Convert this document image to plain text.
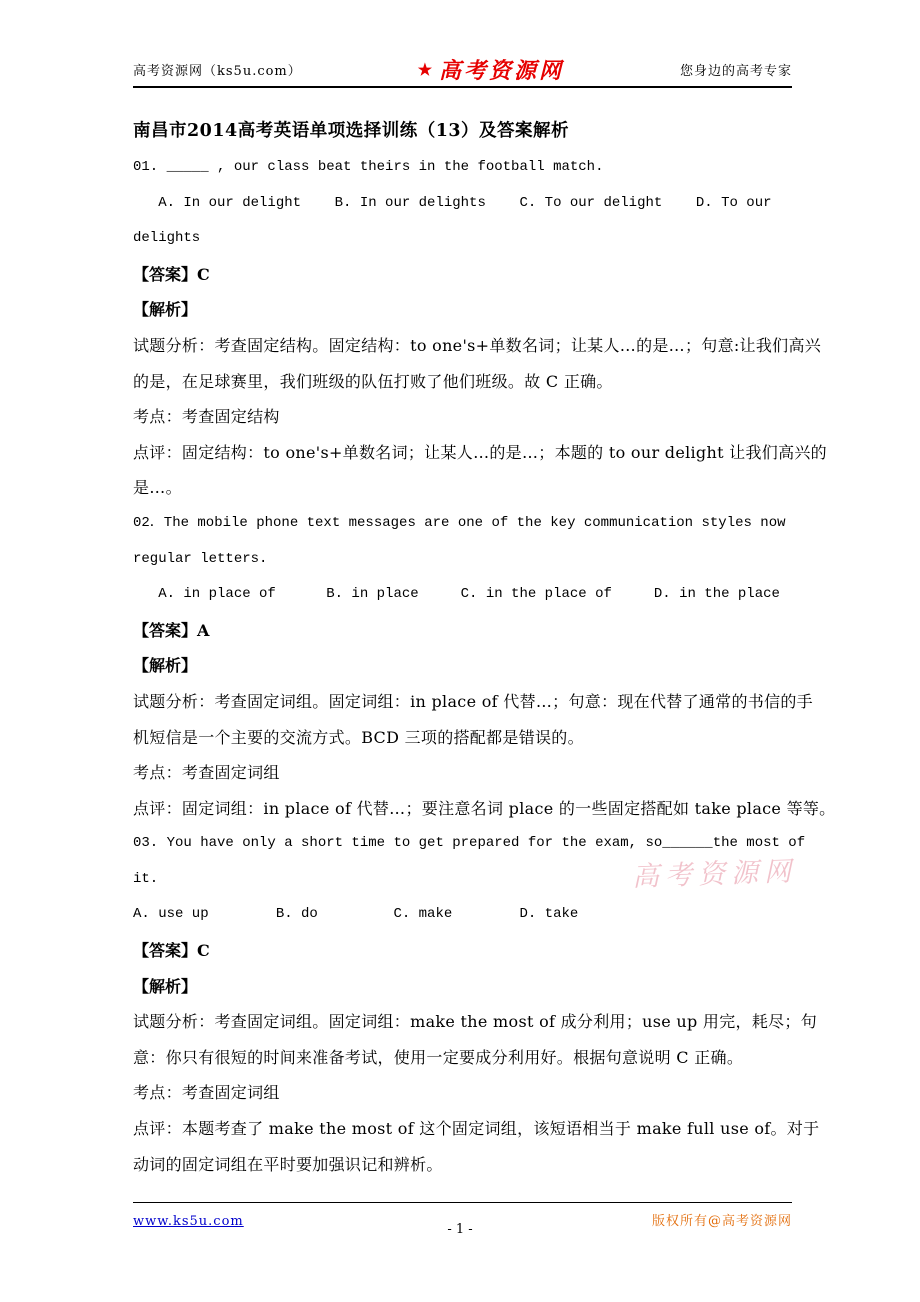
高考资源网（ks5u.com）	★ 高考资源网	您身边的高考专家
南昌市2014高考英语单项选择训练（13）及答案解析
01. _____ , our class beat theirs in the football match.
A. In our delight    B. In our delights    C. To our delight    D. To our
delights
【答案】C
【解析】
试题分析：考查固定结构。固定结构：to one's+单数名词；让某人…的是…；句意:让我们高兴
的是，在足球赛里，我们班级的队伍打败了他们班级。故 C 正确。
考点：考查固定结构
点评：固定结构：to one's+单数名词；让某人…的是…；本题的 to our delight 让我们高兴的
是…。
02．The mobile phone text messages are one of the key communication styles now
regular letters.
A. in place of      B. in place     C. in the place of     D. in the place
【答案】A
【解析】
试题分析：考查固定词组。固定词组：in place of 代替…；句意：现在代替了通常的书信的手
机短信是一个主要的交流方式。BCD 三项的搭配都是错误的。
考点：考查固定词组
点评：固定词组：in place of 代替…；要注意名词 place 的一些固定搭配如 take place 等等。
03. You have only a short time to get prepared for the exam, so______the most of
it.
A. use up        B. do         C. make        D. take
【答案】C
【解析】
试题分析：考查固定词组。固定词组：make the most of 成分利用；use up 用完，耗尽；句
意：你只有很短的时间来准备考试，使用一定要成分利用好。根据句意说明 C 正确。
考点：考查固定词组
点评：本题考查了 make the most of 这个固定词组，该短语相当于 make full use of。对于
动词的固定词组在平时要加强识记和辨析。
高考资源网
www.ks5u.com	版权所有@高考资源网
- 1 -
